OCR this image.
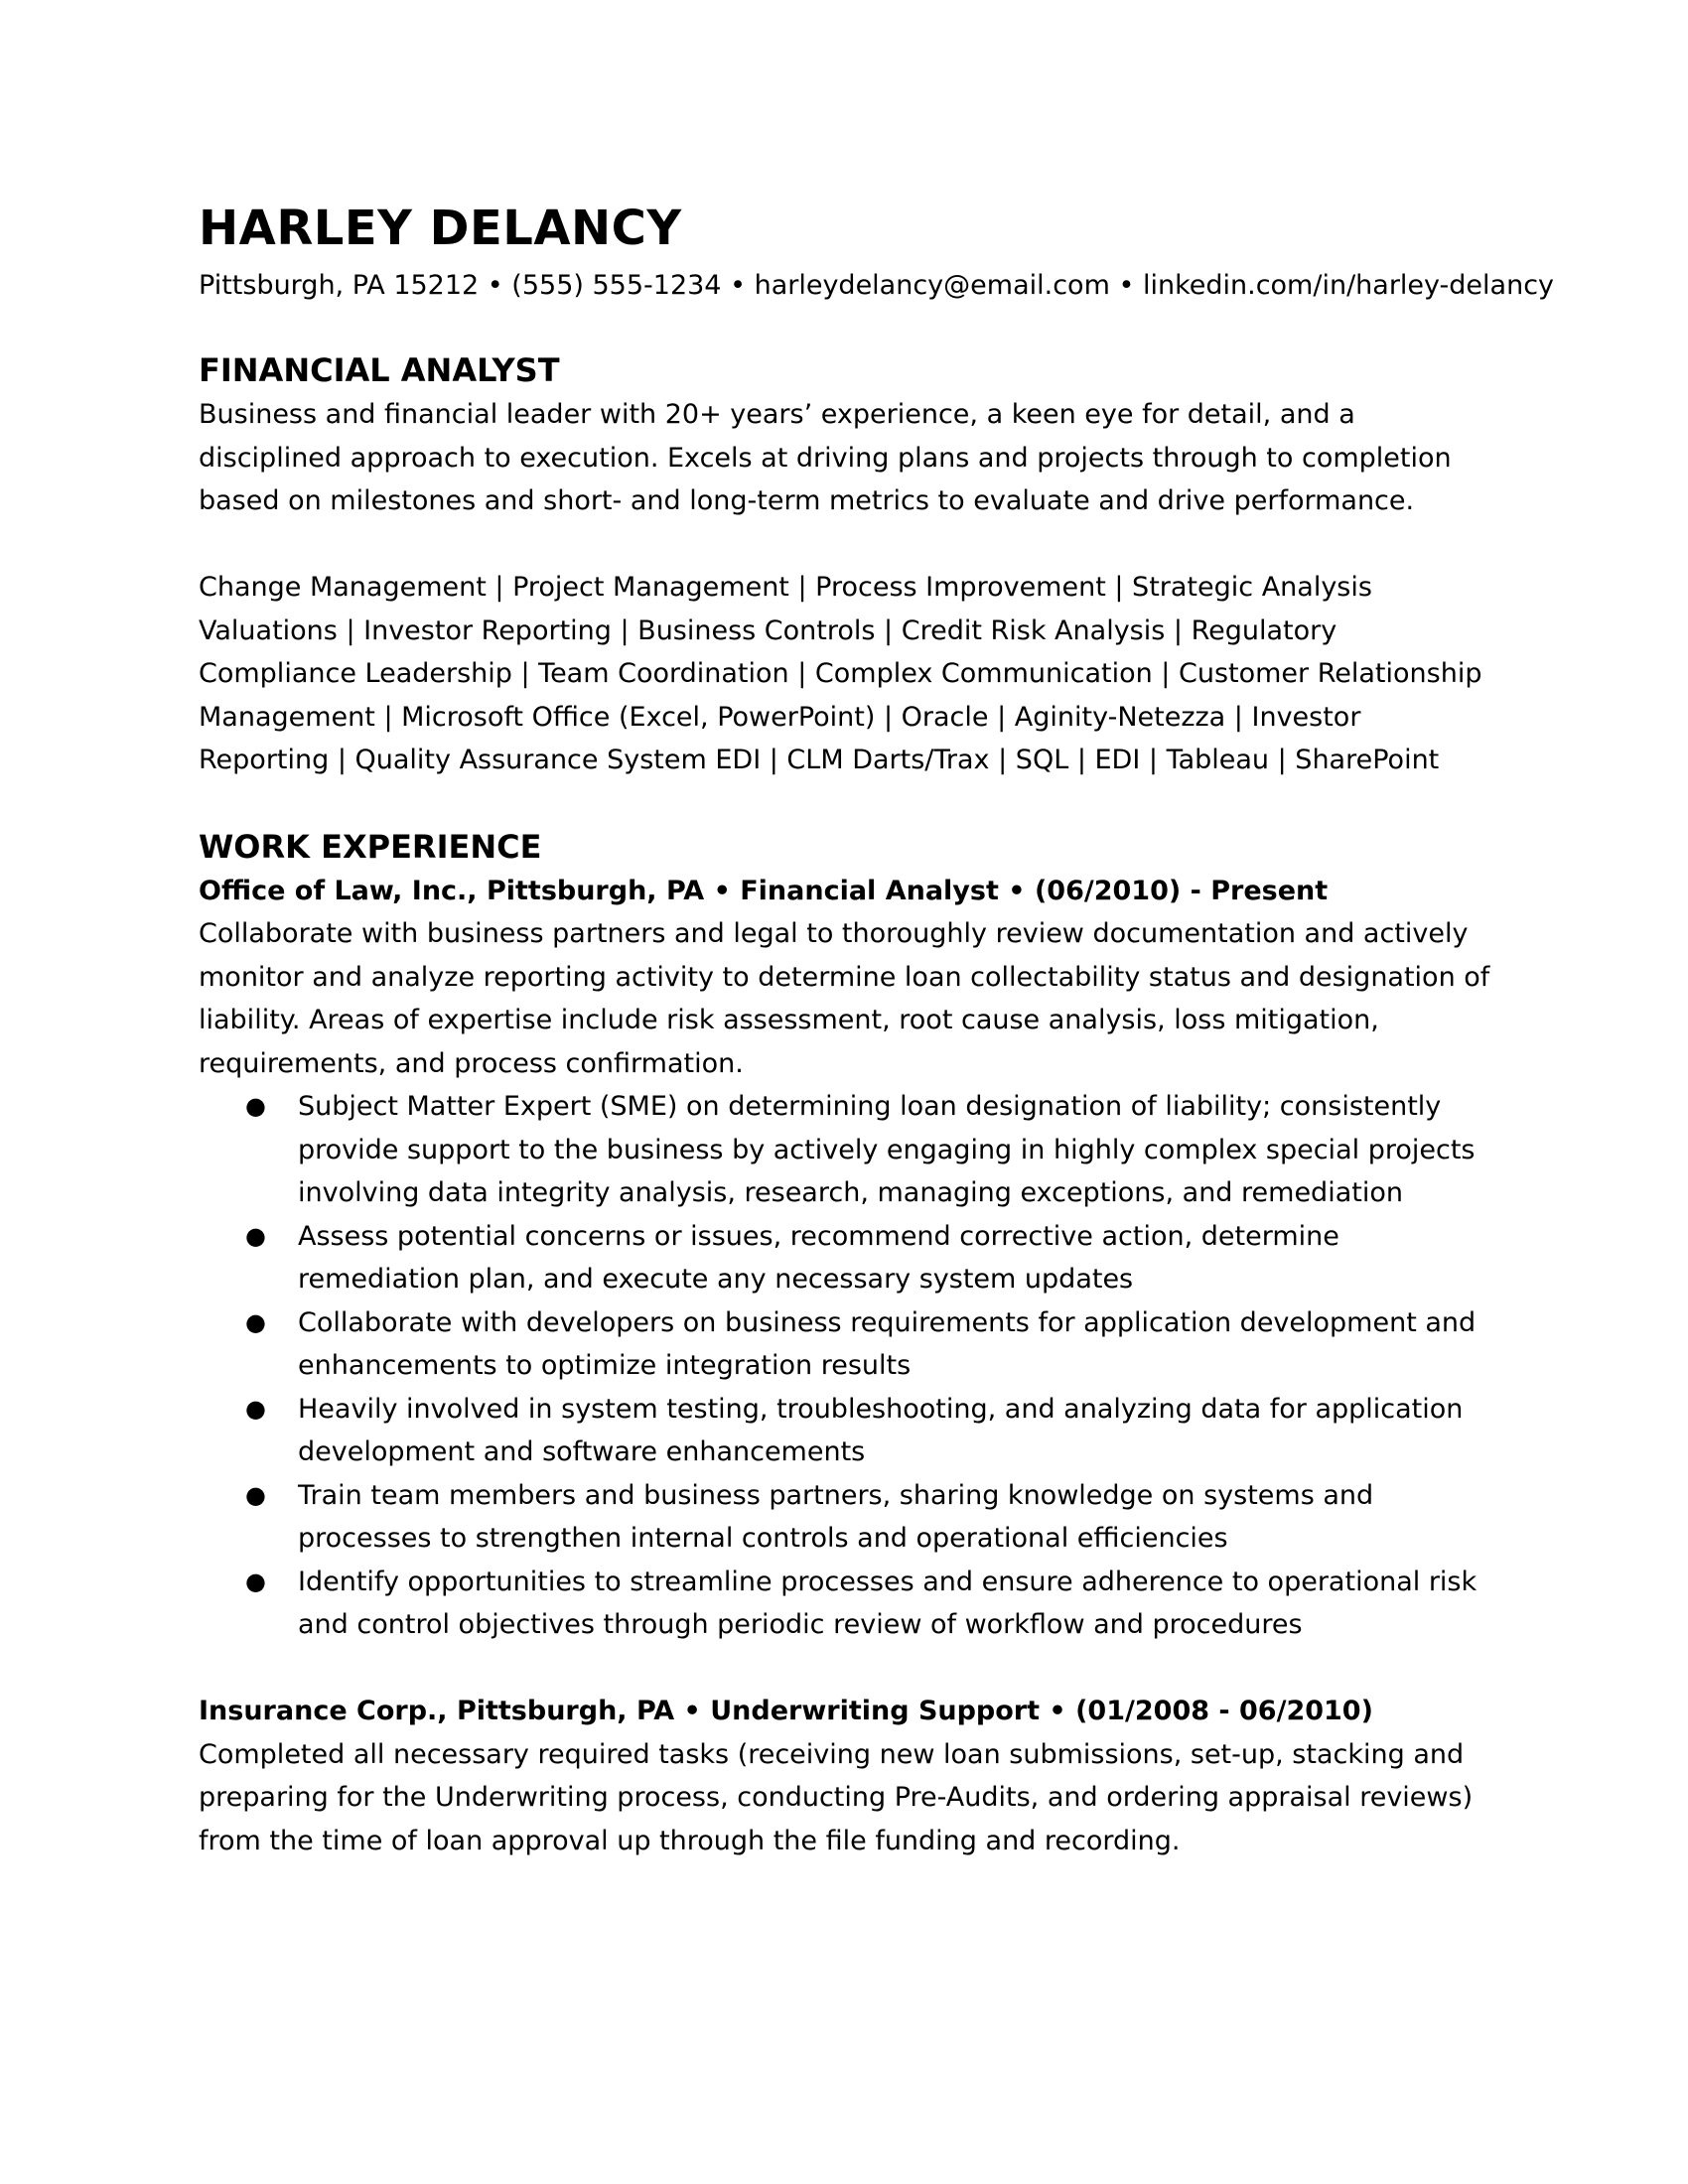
HARLEY DELANCY
Pittsburgh, PA 15212 • (555) 555-1234 • harleydelancy@email.com • linkedin.com/in/harley-delancy
FINANCIAL ANALYST

Business and financial leader with 20+ years’ experience, a keen eye for detail, and a disciplined approach to execution. Excels at driving plans and projects through to completion based on milestones and short- and long-term metrics to evaluate and drive performance.

Change Management | Project Management | Process Improvement | Strategic Analysis Valuations | Investor Reporting | Business Controls | Credit Risk Analysis | Regulatory Compliance Leadership | Team Coordination | Complex Communication | Customer Relationship Management | Microsoft Office (Excel, PowerPoint) | Oracle | Aginity-Netezza | Investor Reporting | Quality Assurance System EDI | CLM Darts/Trax | SQL | EDI | Tableau | SharePoint

WORK EXPERIENCE

Office of Law, Inc., Pittsburgh, PA • Financial Analyst • (06/2010) - Present

Collaborate with business partners and legal to thoroughly review documentation and actively monitor and analyze reporting activity to determine loan collectability status and designation of liability. Areas of expertise include risk assessment, root cause analysis, loss mitigation, requirements, and process confirmation.

● Subject Matter Expert (SME) on determining loan designation of liability; consistently provide support to the business by actively engaging in highly complex special projects involving data integrity analysis, research, managing exceptions, and remediation
● Assess potential concerns or issues, recommend corrective action, determine remediation plan, and execute any necessary system updates
● Collaborate with developers on business requirements for application development and enhancements to optimize integration results
● Heavily involved in system testing, troubleshooting, and analyzing data for application development and software enhancements
● Train team members and business partners, sharing knowledge on systems and processes to strengthen internal controls and operational efficiencies
● Identify opportunities to streamline processes and ensure adherence to operational risk and control objectives through periodic review of workflow and procedures

Insurance Corp., Pittsburgh, PA • Underwriting Support • (01/2008 - 06/2010)

Completed all necessary required tasks (receiving new loan submissions, set-up, stacking and preparing for the Underwriting process, conducting Pre-Audits, and ordering appraisal reviews) from the time of loan approval up through the file funding and recording.
